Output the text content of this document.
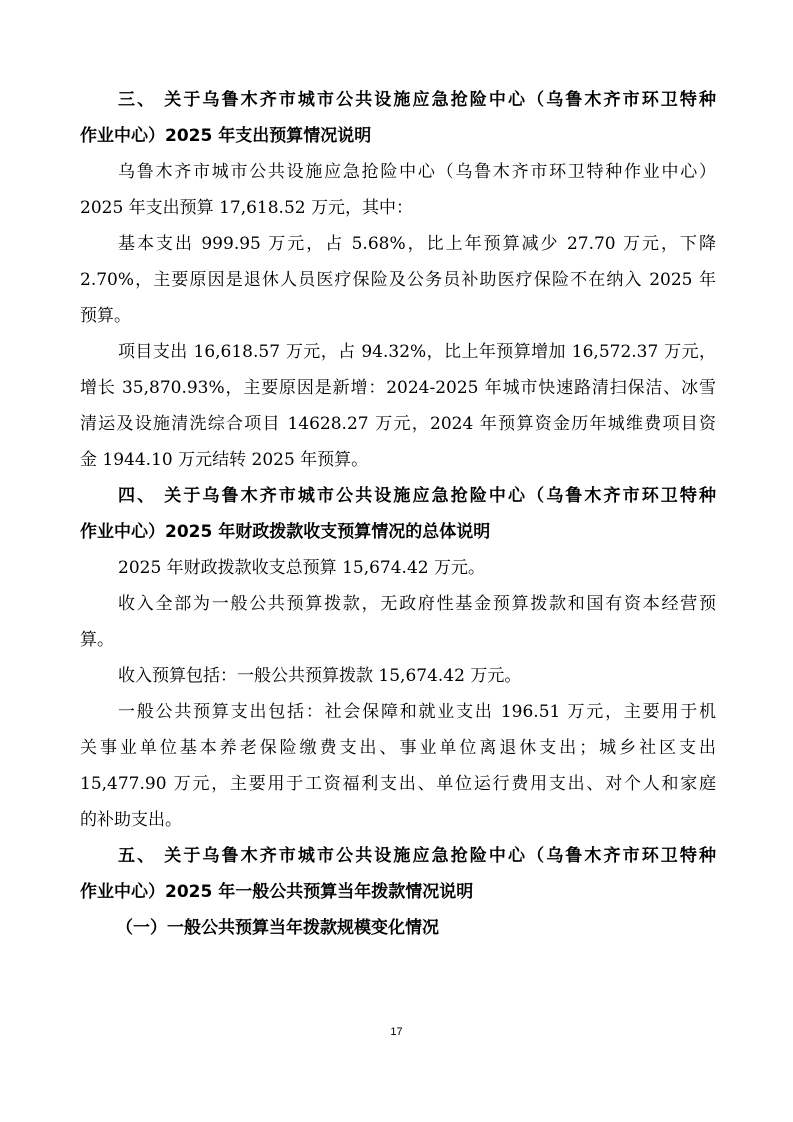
三、 关于乌鲁木齐市城市公共设施应急抢险中心（乌鲁木齐市环卫特种
作业中心）2025 年支出预算情况说明
乌鲁木齐市城市公共设施应急抢险中心（乌鲁木齐市环卫特种作业中心）
2025 年支出预算 17,618.52 万元，其中：
基本支出 999.95 万元，占 5.68%，比上年预算减少 27.70 万元，下降
2.70%，主要原因是退休人员医疗保险及公务员补助医疗保险不在纳入 2025 年
预算。
项目支出 16,618.57 万元，占 94.32%，比上年预算增加 16,572.37 万元，
增长 35,870.93%，主要原因是新增：2024-2025 年城市快速路清扫保洁、冰雪
清运及设施清洗综合项目 14628.27 万元，2024 年预算资金历年城维费项目资
金 1944.10 万元结转 2025 年预算。
四、 关于乌鲁木齐市城市公共设施应急抢险中心（乌鲁木齐市环卫特种
作业中心）2025 年财政拨款收支预算情况的总体说明
2025 年财政拨款收支总预算 15,674.42 万元。
收入全部为一般公共预算拨款，无政府性基金预算拨款和国有资本经营预
算。
收入预算包括：一般公共预算拨款 15,674.42 万元。
一般公共预算支出包括：社会保障和就业支出 196.51 万元，主要用于机
关事业单位基本养老保险缴费支出、事业单位离退休支出；城乡社区支出
15,477.90 万元，主要用于工资福利支出、单位运行费用支出、对个人和家庭
的补助支出。
五、 关于乌鲁木齐市城市公共设施应急抢险中心（乌鲁木齐市环卫特种
作业中心）2025 年一般公共预算当年拨款情况说明
（一）一般公共预算当年拨款规模变化情况
17
